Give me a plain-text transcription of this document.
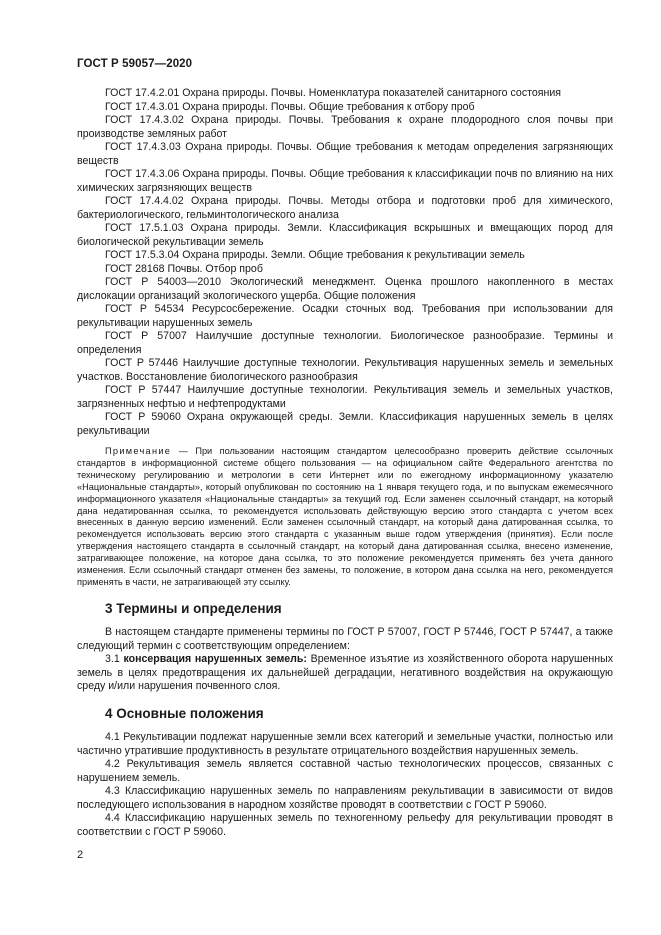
ГОСТ Р 59057—2020

ГОСТ 17.4.2.01 Охрана природы. Почвы. Номенклатура показателей санитарного состояния

ГОСТ 17.4.3.01 Охрана природы. Почвы. Общие требования к отбору проб

ГОСТ 17.4.3.02 Охрана природы. Почвы. Требования к охране плодородного слоя почвы при производстве земляных работ

ГОСТ 17.4.3.03 Охрана природы. Почвы. Общие требования к методам определения загрязняющих веществ

ГОСТ 17.4.3.06 Охрана природы. Почвы. Общие требования к классификации почв по влиянию на них химических загрязняющих веществ

ГОСТ 17.4.4.02 Охрана природы. Почвы. Методы отбора и подготовки проб для химического, бактериологического, гельминтологического анализа

ГОСТ 17.5.1.03 Охрана природы. Земли. Классификация вскрышных и вмещающих пород для биологической рекультивации земель

ГОСТ 17.5.3.04 Охрана природы. Земли. Общие требования к рекультивации земель

ГОСТ 28168 Почвы. Отбор проб

ГОСТ Р 54003—2010 Экологический менеджмент. Оценка прошлого накопленного в местах дислокации организаций экологического ущерба. Общие положения

ГОСТ Р 54534 Ресурсосбережение. Осадки сточных вод. Требования при использовании для рекультивации нарушенных земель

ГОСТ Р 57007 Наилучшие доступные технологии. Биологическое разнообразие. Термины и определения

ГОСТ Р 57446 Наилучшие доступные технологии. Рекультивация нарушенных земель и земельных участков. Восстановление биологического разнообразия

ГОСТ Р 57447 Наилучшие доступные технологии. Рекультивация земель и земельных участков, загрязненных нефтью и нефтепродуктами

ГОСТ Р 59060 Охрана окружающей среды. Земли. Классификация нарушенных земель в целях рекультивации

Примечание — При пользовании настоящим стандартом целесообразно проверить действие ссылочных стандартов в информационной системе общего пользования — на официальном сайте Федерального агентства по техническому регулированию и метрологии в сети Интернет или по ежегодному информационному указателю «Национальные стандарты», который опубликован по состоянию на 1 января текущего года, и по выпускам ежемесячного информационного указателя «Национальные стандарты» за текущий год. Если заменен ссылочный стандарт, на который дана недатированная ссылка, то рекомендуется использовать действующую версию этого стандарта с учетом всех внесенных в данную версию изменений. Если заменен ссылочный стандарт, на который дана датированная ссылка, то рекомендуется использовать версию этого стандарта с указанным выше годом утверждения (принятия). Если после утверждения настоящего стандарта в ссылочный стандарт, на который дана датированная ссылка, внесено изменение, затрагивающее положение, на которое дана ссылка, то это положение рекомендуется применять без учета данного изменения. Если ссылочный стандарт отменен без замены, то положение, в котором дана ссылка на него, рекомендуется применять в части, не затрагивающей эту ссылку.

3 Термины и определения

В настоящем стандарте применены термины по ГОСТ Р 57007, ГОСТ Р 57446, ГОСТ Р 57447, а также следующий термин с соответствующим определением:

3.1 консервация нарушенных земель: Временное изъятие из хозяйственного оборота нарушенных земель в целях предотвращения их дальнейшей деградации, негативного воздействия на окружающую среду и/или нарушения почвенного слоя.

4 Основные положения

4.1 Рекультивации подлежат нарушенные земли всех категорий и земельные участки, полностью или частично утратившие продуктивность в результате отрицательного воздействия нарушенных земель.

4.2 Рекультивация земель является составной частью технологических процессов, связанных с нарушением земель.

4.3 Классификацию нарушенных земель по направлениям рекультивации в зависимости от видов последующего использования в народном хозяйстве проводят в соответствии с ГОСТ Р 59060.

4.4 Классификацию нарушенных земель по техногенному рельефу для рекультивации проводят в соответствии с ГОСТ Р 59060.

2
